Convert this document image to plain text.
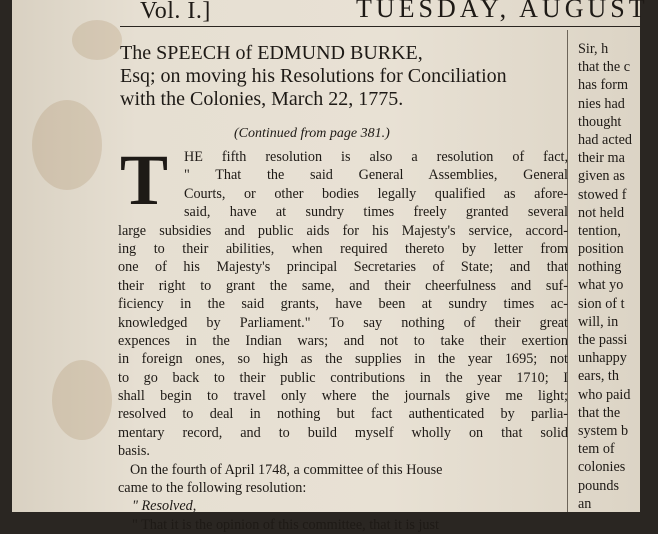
Vol. I.]	TUESDAY, AUGUST
The SPEECH of EDMUND BURKE,
Esq; on moving his Resolutions for Conciliation
with the Colonies, March 22, 1775.
(Continued from page 381.)
T	HE fifth resolution is also a resolution of fact,
" That the said General Assemblies, General
Courts, or other bodies legally qualified as afore-
said, have at sundry times freely granted several
large subsidies and public aids for his Majesty's service, accord-
ing to their abilities, when required thereto by letter from
one of his Majesty's principal Secretaries of State; and that
their right to grant the same, and their cheerfulness and suf-
ficiency in the said grants, have been at sundry times ac-
knowledged by Parliament." To say nothing of their great
expences in the Indian wars; and not to take their exertion
in foreign ones, so high as the supplies in the year 1695; not
to go back to their public contributions in the year 1710; I
shall begin to travel only where the journals give me light;
resolved to deal in nothing but fact authenticated by parlia-
mentary record, and to build myself wholly on that solid
basis.
On the fourth of April 1748, a committee of this House
came to the following resolution:
" Resolved,
" That it is the opinion of this committee, that it is just
Sir, h
that the c
has form
nies had
thought
had acted
their ma
given as
stowed f
not held
tention,
position
nothing
what yo
sion of t
will, in
the passi
unhappy
ears, th
who paid
that the
system b
tem of
colonies
pounds
an
